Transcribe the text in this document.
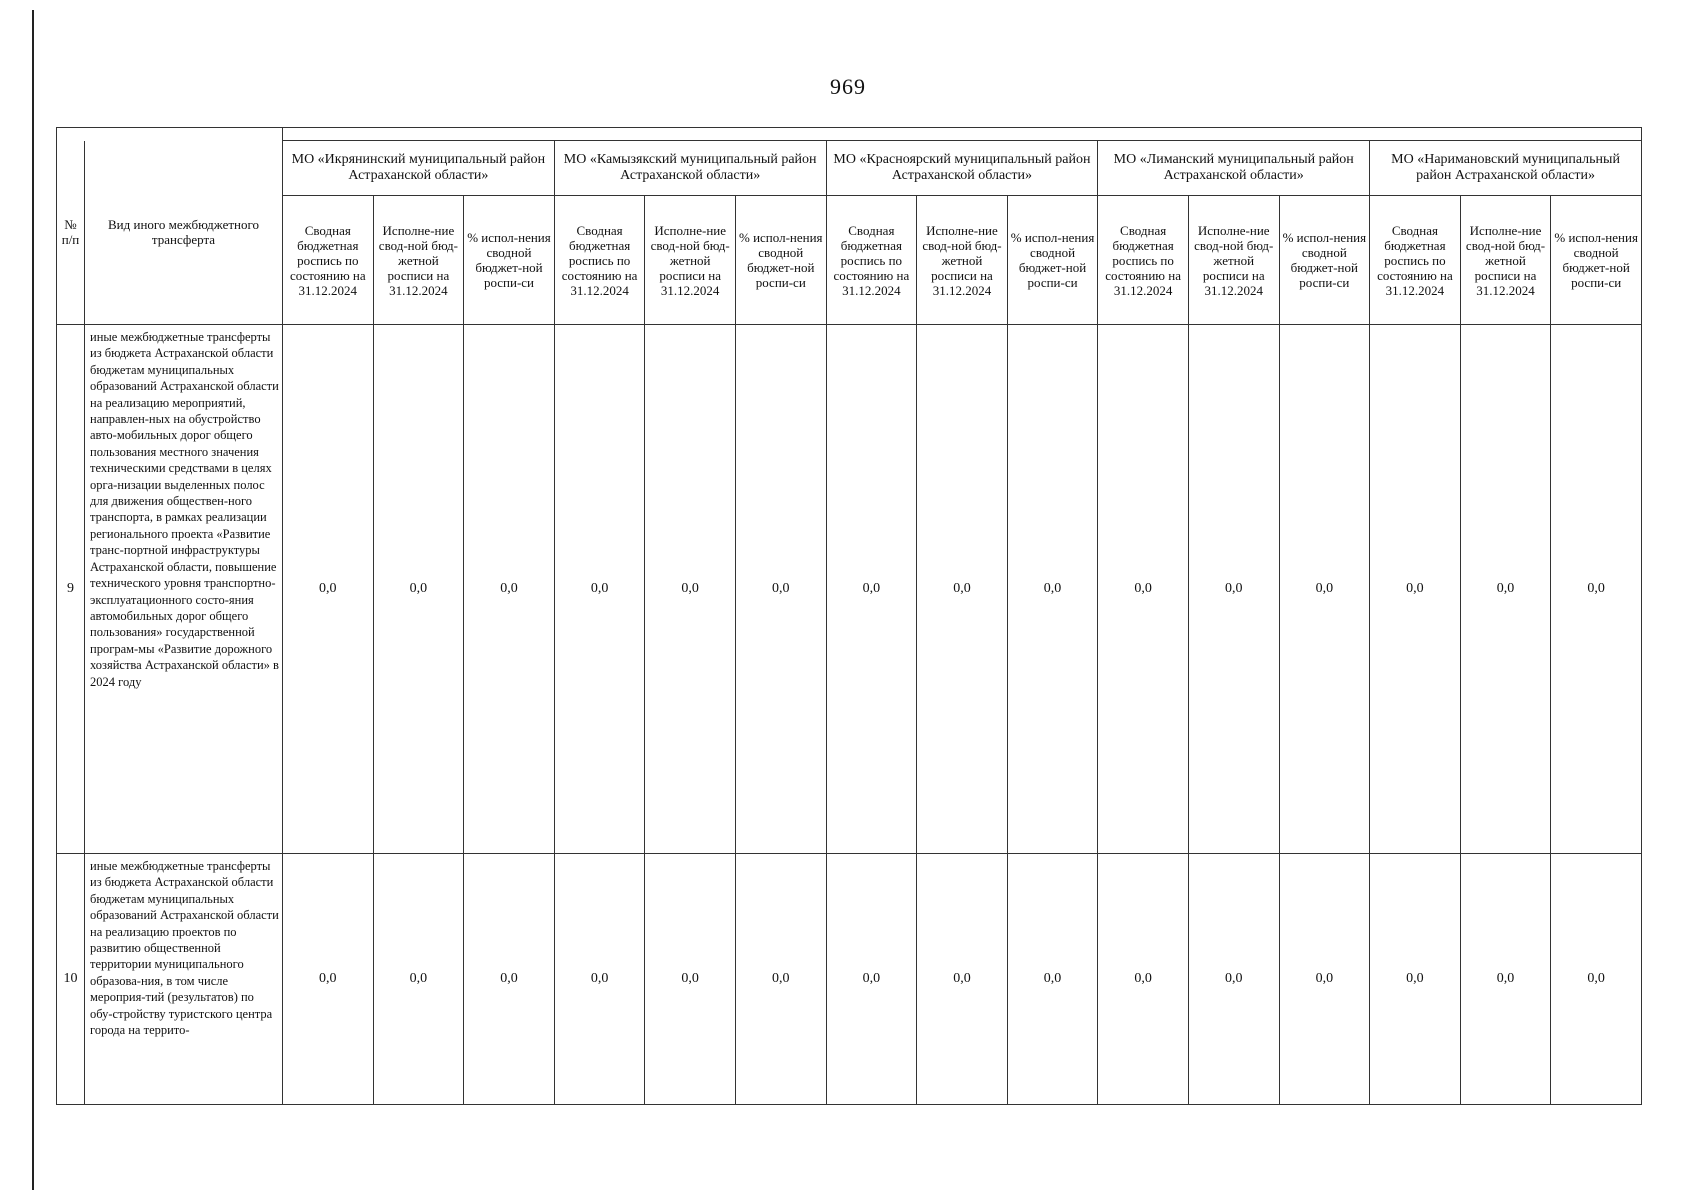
969

№ п/п	Вид иного межбюджетного трансферта	МО «Икрянинский муниципальный район Астраханской области»			МО «Камызякский муниципальный район Астраханской области»			МО «Красноярский муниципальный район Астраханской области»			МО «Лиманский муниципальный район Астраханской области»			МО «Наримановский муниципальный район Астраханской области»		
		Сводная бюджетная роспись по состоянию на 31.12.2024	Исполне-ние свод-ной бюд-жетной росписи на 31.12.2024	% испол-нения сводной бюджет-ной роспи-си	Сводная бюджетная роспись по состоянию на 31.12.2024	Исполне-ние свод-ной бюд-жетной росписи на 31.12.2024	% испол-нения сводной бюджет-ной роспи-си	Сводная бюджетная роспись по состоянию на 31.12.2024	Исполне-ние свод-ной бюд-жетной росписи на 31.12.2024	% испол-нения сводной бюджет-ной роспи-си	Сводная бюджетная роспись по состоянию на 31.12.2024	Исполне-ние свод-ной бюд-жетной росписи на 31.12.2024	% испол-нения сводной бюджет-ной роспи-си	Сводная бюджетная роспись по состоянию на 31.12.2024	Исполне-ние свод-ной бюд-жетной росписи на 31.12.2024	% испол-нения сводной бюджет-ной роспи-си
9	иные межбюджетные трансферты из бюджета Астраханской области бюджетам муниципальных образований Астраханской области на реализацию мероприятий, направлен-ных на обустройство авто-мобильных дорог общего пользования местного значения техническими средствами в целях орга-низации выделенных полос для движения обществен-ного транспорта, в рамках реализации регионального проекта «Развитие транс-портной инфраструктуры Астраханской области, повышение технического уровня транспортно-эксплуатационного состо-яния автомобильных дорог общего пользования» государственной програм-мы «Развитие дорожного хозяйства Астраханской области» в 2024 году	0,0	0,0	0,0	0,0	0,0	0,0	0,0	0,0	0,0	0,0	0,0	0,0	0,0	0,0	0,0
10	иные межбюджетные трансферты из бюджета Астраханской области бюджетам муниципальных образований Астраханской области на реализацию проектов по развитию общественной территории муниципального образова-ния, в том числе мероприя-тий (результатов) по обу-стройству туристского центра города на террито-	0,0	0,0	0,0	0,0	0,0	0,0	0,0	0,0	0,0	0,0	0,0	0,0	0,0	0,0	0,0
